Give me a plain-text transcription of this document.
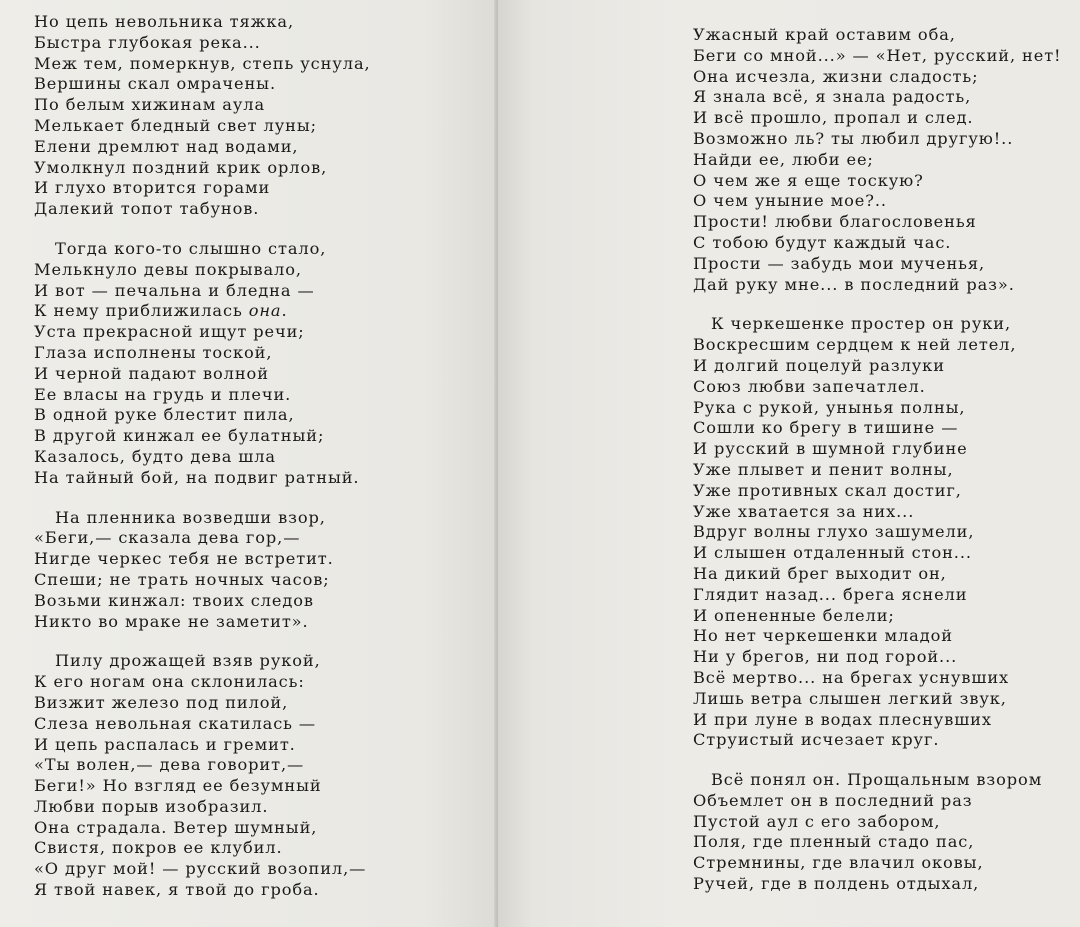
Но цепь невольника тяжка,
Быстра глубокая река...
Меж тем, померкнув, степь уснула,
Вершины скал омрачены.
По белым хижинам аула
Мелькает бледный свет луны;
Елени дремлют над водами,
Умолкнул поздний крик орлов,
И глухо вторится горами
Далекий топот табунов.
Тогда кого-то слышно стало,
Мелькнуло девы покрывало,
И вот — печальна и бледна —
К нему приближилась она.
Уста прекрасной ищут речи;
Глаза исполнены тоской,
И черной падают волной
Ее власы на грудь и плечи.
В одной руке блестит пила,
В другой кинжал ее булатный;
Казалось, будто дева шла
На тайный бой, на подвиг ратный.
На пленника возведши взор,
«Беги,— сказала дева гор,—
Нигде черкес тебя не встретит.
Спеши; не трать ночных часов;
Возьми кинжал: твоих следов
Никто во мраке не заметит».
Пилу дрожащей взяв рукой,
К его ногам она склонилась:
Визжит железо под пилой,
Слеза невольная скатилась —
И цепь распалась и гремит.
«Ты волен,— дева говорит,—
Беги!» Но взгляд ее безумный
Любви порыв изобразил.
Она страдала. Ветер шумный,
Свистя, покров ее клубил.
«О друг мой! — русский возопил,—
Я твой навек, я твой до гроба.
Ужасный край оставим оба,
Беги со мной...» — «Нет, русский, нет!
Она исчезла, жизни сладость;
Я знала всё, я знала радость,
И всё прошло, пропал и след.
Возможно ль? ты любил другую!..
Найди ее, люби ее;
О чем же я еще тоскую?
О чем уныние мое?..
Прости! любви благословенья
С тобою будут каждый час.
Прости — забудь мои мученья,
Дай руку мне... в последний раз».
К черкешенке простер он руки,
Воскресшим сердцем к ней летел,
И долгий поцелуй разлуки
Союз любви запечатлел.
Рука с рукой, унынья полны,
Сошли ко брегу в тишине —
И русский в шумной глубине
Уже плывет и пенит волны,
Уже противных скал достиг,
Уже хватается за них...
Вдруг волны глухо зашумели,
И слышен отдаленный стон...
На дикий брег выходит он,
Глядит назад... брега яснели
И опененные белели;
Но нет черкешенки младой
Ни у брегов, ни под горой...
Всё мертво... на брегах уснувших
Лишь ветра слышен легкий звук,
И при луне в водах плеснувших
Струистый исчезает круг.
Всё понял он. Прощальным взором
Объемлет он в последний раз
Пустой аул с его забором,
Поля, где пленный стадо пас,
Стремнины, где влачил оковы,
Ручей, где в полдень отдыхал,
